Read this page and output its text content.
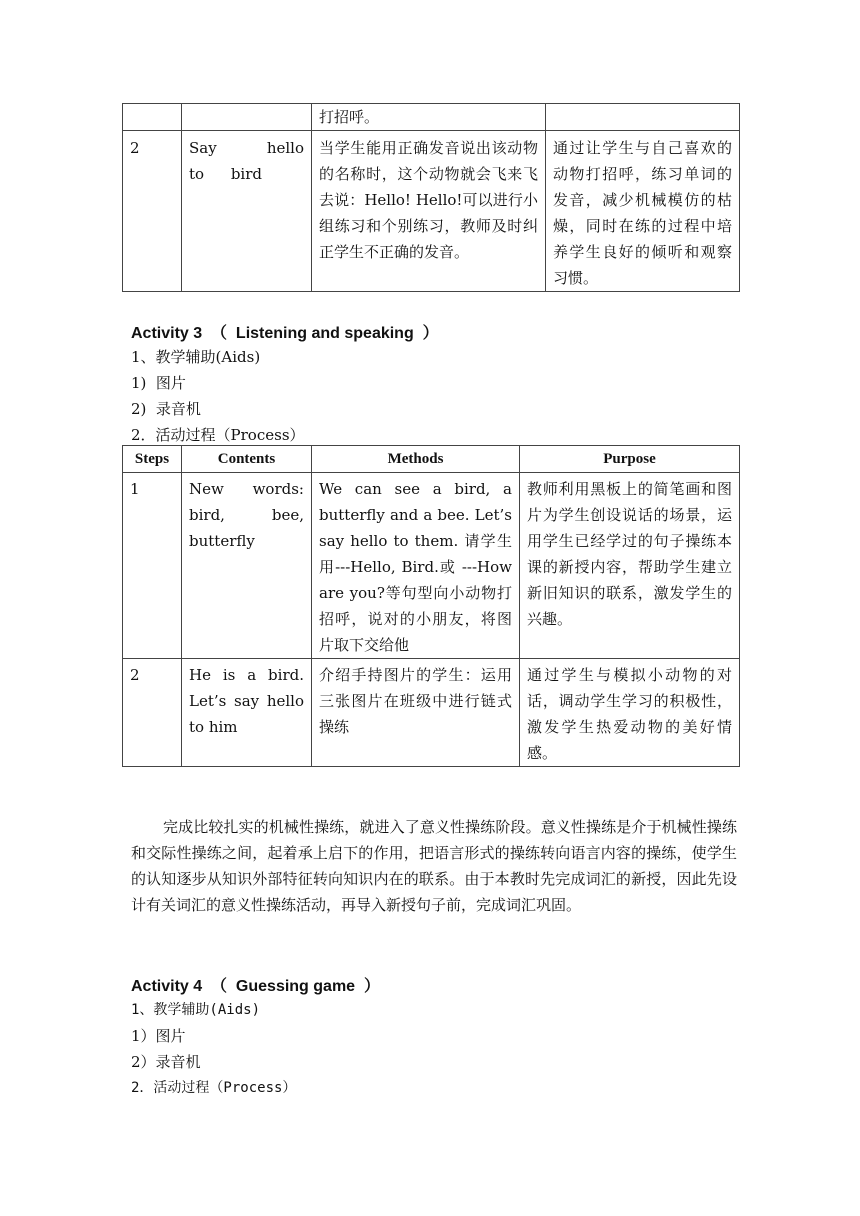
		打招呼。	
2	Say hello to bird	当学生能用正确发音说出该动物的名称时，这个动物就会飞来飞去说：Hello! Hello!可以进行小组练习和个别练习，教师及时纠正学生不正确的发音。	通过让学生与自己喜欢的动物打招呼，练习单词的发音，减少机械模仿的枯燥，同时在练的过程中培养学生良好的倾听和观察习惯。
Activity 3  （  Listening and speaking  ）
1、教学辅助(Aids)
1)  图片
2)  录音机
2．活动过程（Process）
Steps	Contents	Methods	Purpose
1	New words: bird, bee, butterfly	We can see a bird, a butterfly and a bee. Let’s say hello to them. 请学生用---Hello, Bird.或 ---How are you?等句型向小动物打招呼，说对的小朋友，将图片取下交给他	教师利用黑板上的简笔画和图片为学生创设说话的场景，运用学生已经学过的句子操练本课的新授内容，帮助学生建立新旧知识的联系，激发学生的兴趣。
2	He is a bird. Let’s say hello to him	介绍手持图片的学生：运用三张图片在班级中进行链式操练	通过学生与模拟小动物的对话，调动学生学习的积极性，激发学生热爱动物的美好情感。
完成比较扎实的机械性操练，就进入了意义性操练阶段。意义性操练是介于机械性操练和交际性操练之间，起着承上启下的作用，把语言形式的操练转向语言内容的操练，使学生的认知逐步从知识外部特征转向知识内在的联系。由于本教时先完成词汇的新授，因此先设计有关词汇的意义性操练活动，再导入新授句子前，完成词汇巩固。
Activity 4  （  Guessing game  ）
1、教学辅助(Aids)
1）图片
2）录音机
2．活动过程（Process）
